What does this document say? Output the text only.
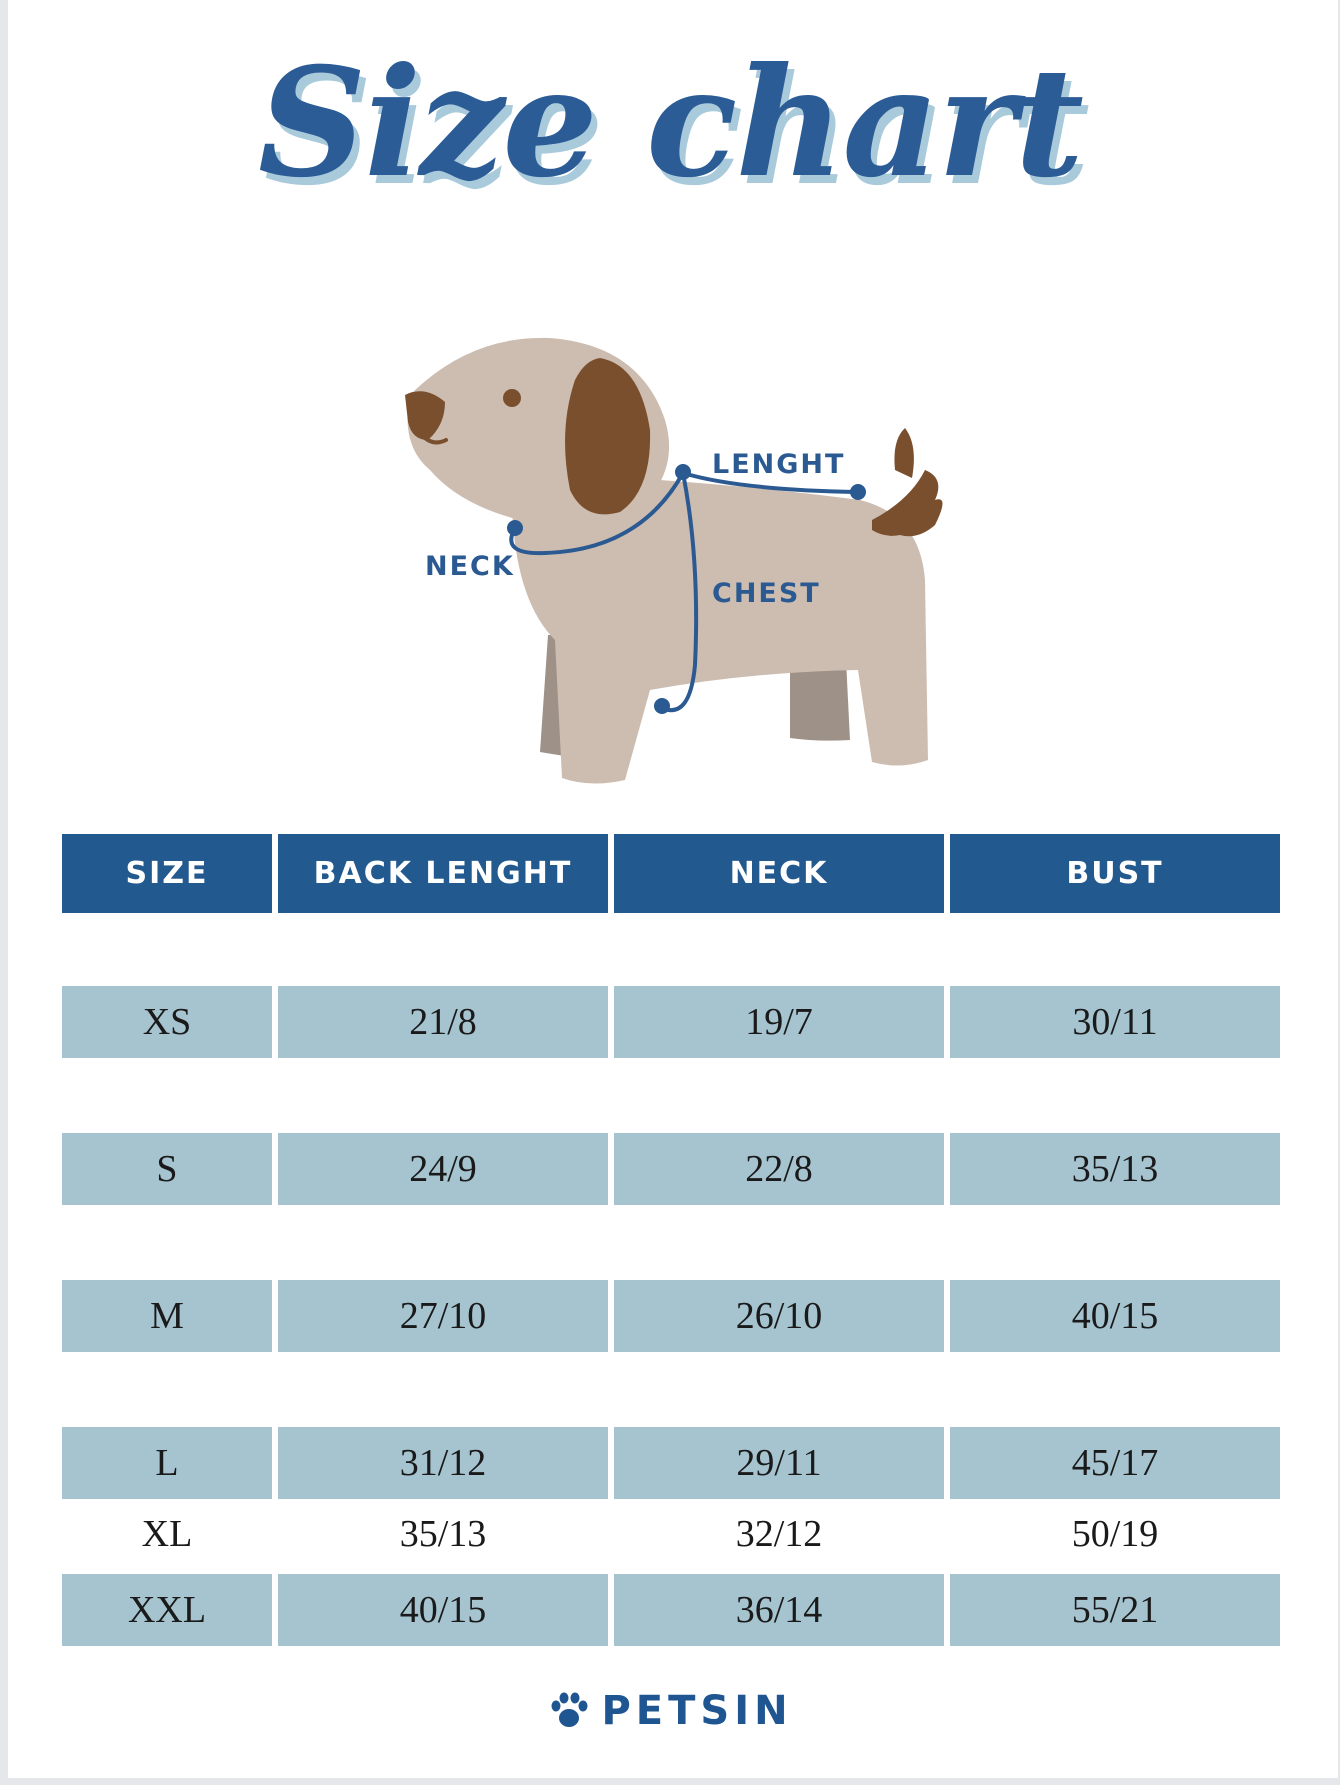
Size chart
LENGHT
NECK
CHEST
SIZE	BACK LENGHT	NECK	BUST
XS	21/8	19/7	30/11
S	24/9	22/8	35/13
M	27/10	26/10	40/15
L	31/12	29/11	45/17
XL	35/13	32/12	50/19
XXL	40/15	36/14	55/21
PETSIN
